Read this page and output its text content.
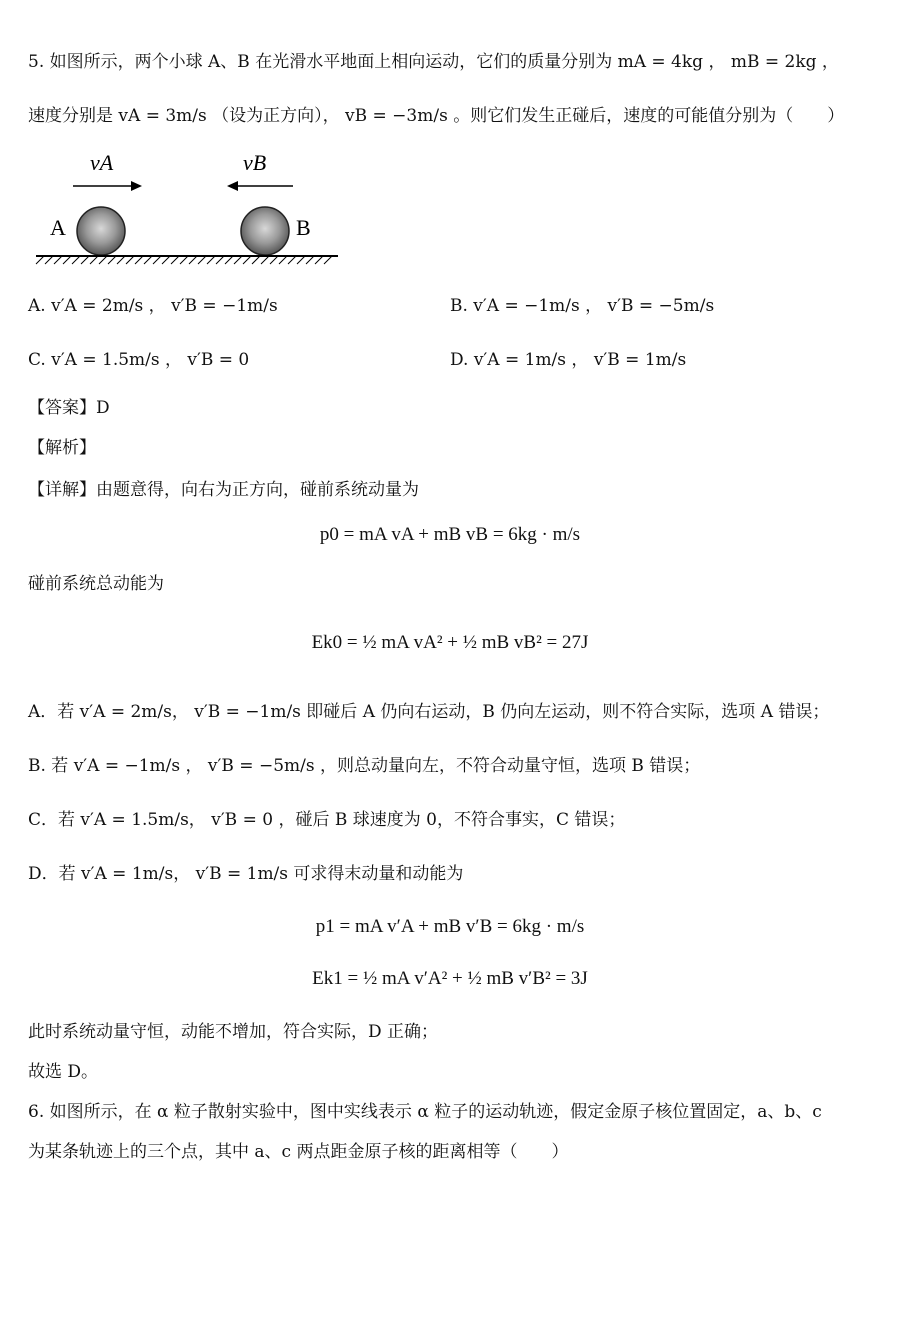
5. 如图所示，两个小球 A、B 在光滑水平地面上相向运动，它们的质量分别为 mA = 4kg ， mB = 2kg ，
速度分别是 vA = 3m/s （设为正方向）， vB = −3m/s 。则它们发生正碰后，速度的可能值分别为（　　）
vA	vB
A	B
A. v′A = 2m/s ， v′B = −1m/s	B. v′A = −1m/s ， v′B = −5m/s
C. v′A = 1.5m/s ， v′B = 0	D. v′A = 1m/s ， v′B = 1m/s
【答案】D
【解析】
【详解】由题意得，向右为正方向，碰前系统动量为
p0 = mA vA + mB vB = 6kg · m/s
碰前系统总动能为
Ek0 = ½ mA vA² + ½ mB vB² = 27J
A．若 v′A = 2m/s， v′B = −1m/s 即碰后 A 仍向右运动，B 仍向左运动，则不符合实际，选项 A 错误；
B. 若 v′A = −1m/s ， v′B = −5m/s ，则总动量向左，不符合动量守恒，选项 B 错误；
C．若 v′A = 1.5m/s， v′B = 0 ，碰后 B 球速度为 0，不符合事实，C 错误；
D．若 v′A = 1m/s， v′B = 1m/s 可求得末动量和动能为
p1 = mA v′A + mB v′B = 6kg · m/s
Ek1 = ½ mA v′A² + ½ mB v′B² = 3J
此时系统动量守恒，动能不增加，符合实际，D 正确；
故选 D。
6. 如图所示，在 α 粒子散射实验中，图中实线表示 α 粒子的运动轨迹，假定金原子核位置固定，a、b、c
为某条轨迹上的三个点，其中 a、c 两点距金原子核的距离相等（　　）
